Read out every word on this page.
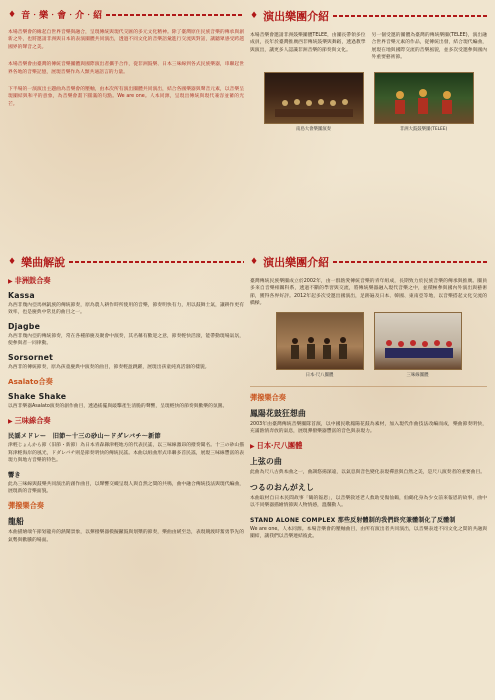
♦ 音‧樂‧會‧介‧紹

本場音樂會的緣起自世界音樂與融合，呈現傳統與現代交匯的多元文化精神。除了臺灣原住民族音樂的傳承與創新之外，也將邀請非洲與日本的表演團體共同演出，透過不同文化的音樂語彙進行交流與對話，讓聽眾感受跨越國界的聲音之美。

本場音樂會由臺灣的傳統音樂團體與國際演出者攜手合作，從非洲鼓樂、日本三味線到各式民族樂器，串聯起世界各地的音樂記憶，展現音樂作為人類共通語言的力量。

下半場的一演演出主題曲為音樂會的壓軸，由本次所有演出團體共同演出，結合各國樂器與聲音元素，以音樂呈現團結與和平的意象，為音樂會畫下圓滿的句點。We are one。人本同源，呈現出傳統與現代兼容並蓄的光芒。

♦ 演出樂團介紹

本場音樂會邀請非洲鼓樂團體TELEE，由團長帶領多位成員，長年於臺灣推廣西非傳統鼓樂與舞蹈，透過教學與演出，讓更多人認識非洲音樂的節奏與文化。

另一個受邀的團體為臺灣的傳統樂團(TELEE)，演出融合世界音樂元素的作品，從傳統出發，結合現代編曲，展現在地與國際交流的音樂風貌，並多次受邀參與國內外重要藝術節。

南島大會樂團演奏	非洲大鼓鼓樂團(TELEE)
♦ 樂曲解說
▶ 非洲鼓合奏
Kassa

為西非幾內亞馬林凱族的傳統節奏，原為農人耕作時所使用的音樂，節奏明快有力，用以鼓舞士氣，讓耕作更有效率，也是慶典中常見的曲目之一。

Djagbe

為西非幾內亞的傳統節奏，常在各種節慶及聚會中演奏，其名稱有歡迎之意，節奏輕快活潑，能帶動現場氣氛，使參與者一同律動。

Sorsornet

為西非的傳統節奏，原為孩童慶典中演奏的曲目，節奏輕盈跳躍，展現出孩童純真活潑的樣貌。

Asalato合奏
Shake Shake

以西非樂器Asalato演奏的創作曲目，透過搖擺與敲擊產生清脆的聲響，呈現輕快的節奏與歡樂的氛圍。

▶ 三味線合奏
民謡メドレー　旧節〜十三の砂山〜ドダレバチ〜新節

津輕じょんから節（旧節・新節）為日本青森縣津輕地方的代表民謠，以三味線激昂的撥奏聞名。十三の砂山描寫津輕海岸的風光，ドダレバチ則是節奏明快的傳統民謠。本曲以組曲形式串聯多首民謠，展現三味線豐富的表現力與地方音樂的特色。

響き

此為三味線與鼓樂共同演出的創作曲目，以聲響交織呈現人與自然之間的共鳴，曲中融合傳統技法與現代編曲，展現新的音樂面貌。

彈撥樂合奏
龍船

本曲描繪端午節划龍舟的熱鬧景象，以彈撥樂器模擬鑼鼓與划槳的節奏，樂曲由緩至急，表現競渡時奮勇爭先的氣勢與歡騰的場面。

♦ 演出樂團介紹

臺灣傳統民族樂團成立於2002年，由一群熱愛傳統音樂的青年組成，長期致力於民族音樂的傳承與推廣。團員多來自音樂相關科系，透過不斷的學習與交流，將傳統樂器融入現代音樂之中，並積極參與國內外演出與藝術節，獲得各界好評。2012年起多次受邀出國演出，足跡遍及日本、韓國、東南亞等地，以音樂搭起文化交流的橋樑。

日本‧尺八團體	三味線團體
彈撥樂合奏
鳳陽花鼓狂想曲

2003年由臺灣傳統音樂團隊首演，以中國民歌鳳陽花鼓為素材，加入現代作曲技法改編而成，樂曲節奏明快，充滿熱情奔放的氣息，展現彈撥樂器豐富的音色與表現力。

▶ 日本‧尺八團體
上弦の曲

此曲為尺八古典本曲之一，曲調悠揚深遠，以氣息與音色變化表現禪意與自然之美，是尺八演奏者的重要曲目。

つるのおんがえし

本曲取材自日本民間故事「鶴的報恩」，以音樂敘述老人救助受傷仙鶴，仙鶴化身為少女前來報恩的故事，曲中以不同樂器描繪情節與人物情感，溫馨動人。

STAND ALONE COMPLEX 那些反射體制的我們終究兼體制化了反體制

We are one。人本同源。本場音樂會的壓軸曲目，由所有演出者共同演出，以音樂表達不同文化之間的共融與團結，讓我們以音樂連結彼此。
